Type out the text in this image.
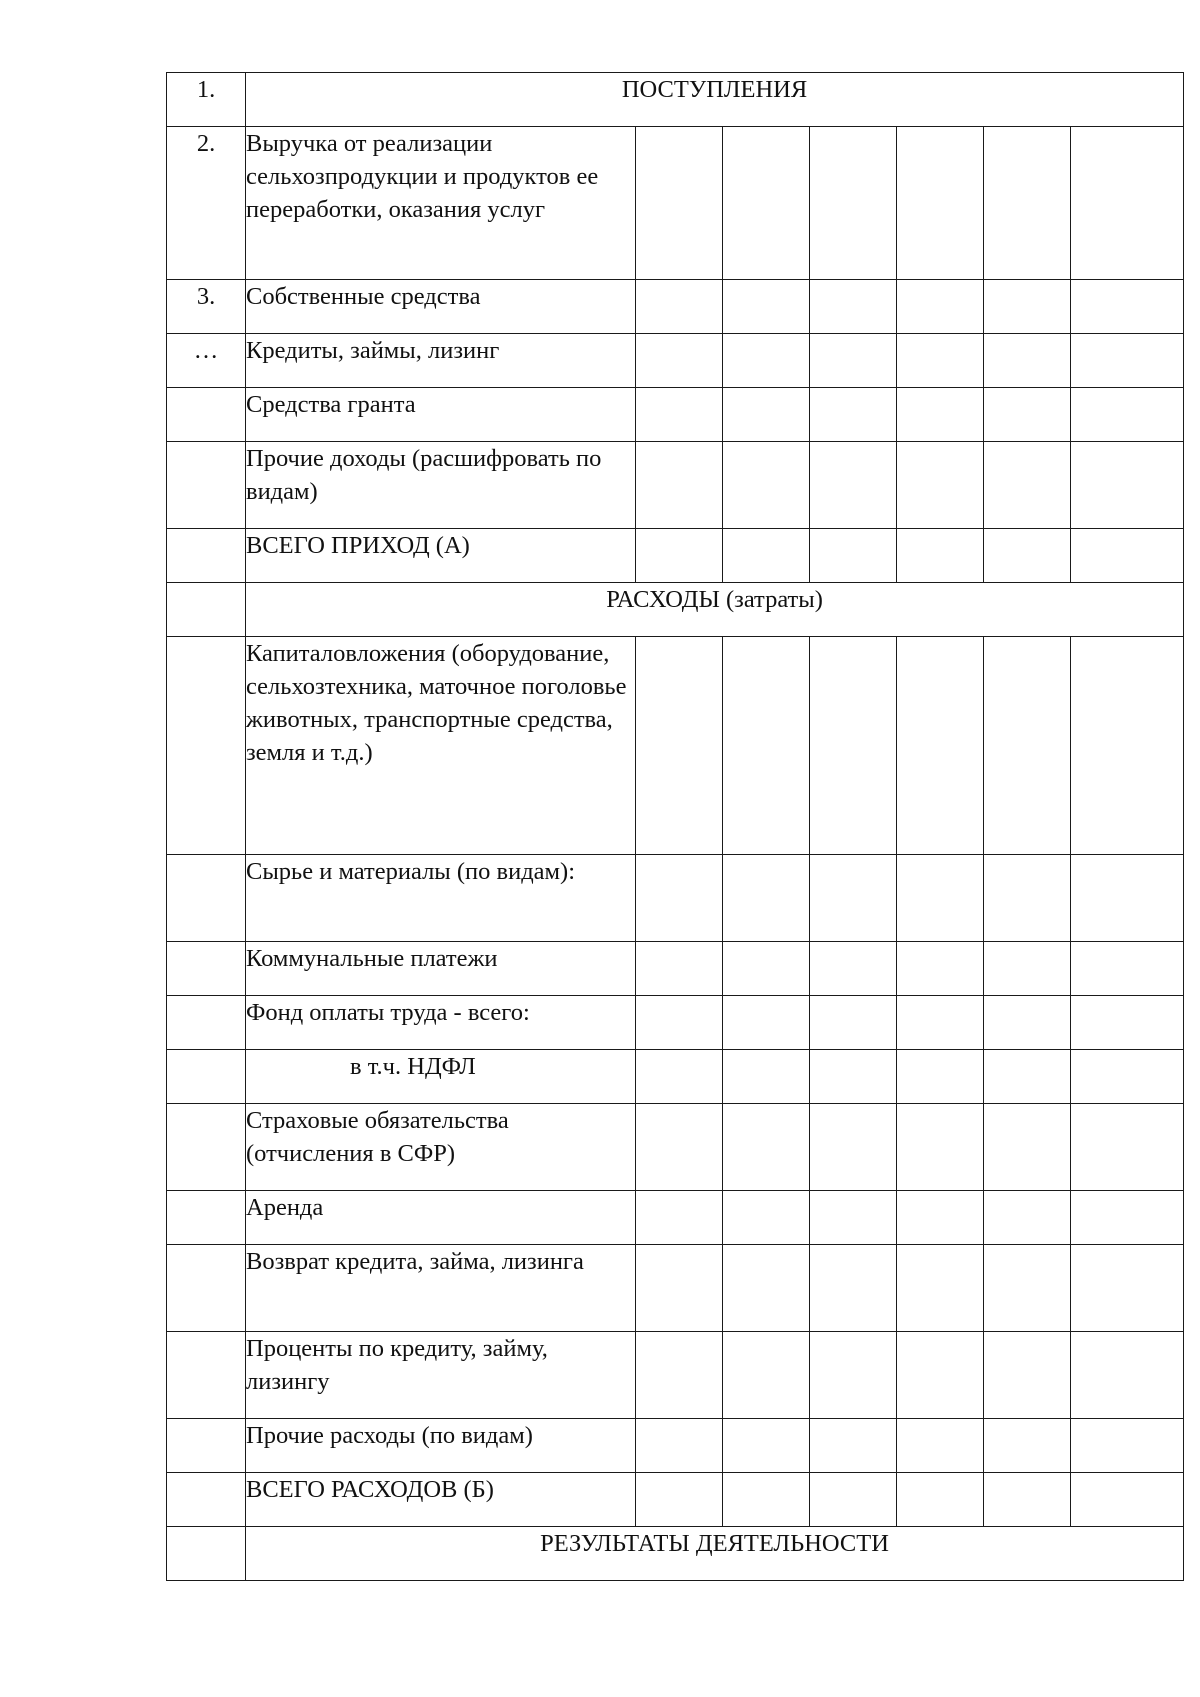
1.	ПОСТУПЛЕНИЯ						
2.	Выручка от реализации сельхозпродукции и продуктов ее переработки, оказания услуг						
3.	Собственные средства						
…	Кредиты, займы, лизинг						
	Средства гранта						
	Прочие доходы (расшифровать по видам)						
	ВСЕГО ПРИХОД (А)						
	РАСХОДЫ (затраты)						
	Капиталовложения (оборудование, сельхозтехника, маточное поголовье животных, транспортные средства, земля и т.д.)						
	Сырье и материалы (по видам):						
	Коммунальные платежи						
	Фонд оплаты труда - всего:						
	в т.ч. НДФЛ						
	Страховые обязательства (отчисления в СФР)						
	Аренда						
	Возврат кредита, займа, лизинга						
	Проценты по кредиту, займу, лизингу						
	Прочие расходы (по видам)						
	ВСЕГО РАСХОДОВ (Б)						
	РЕЗУЛЬТАТЫ ДЕЯТЕЛЬНОСТИ						
